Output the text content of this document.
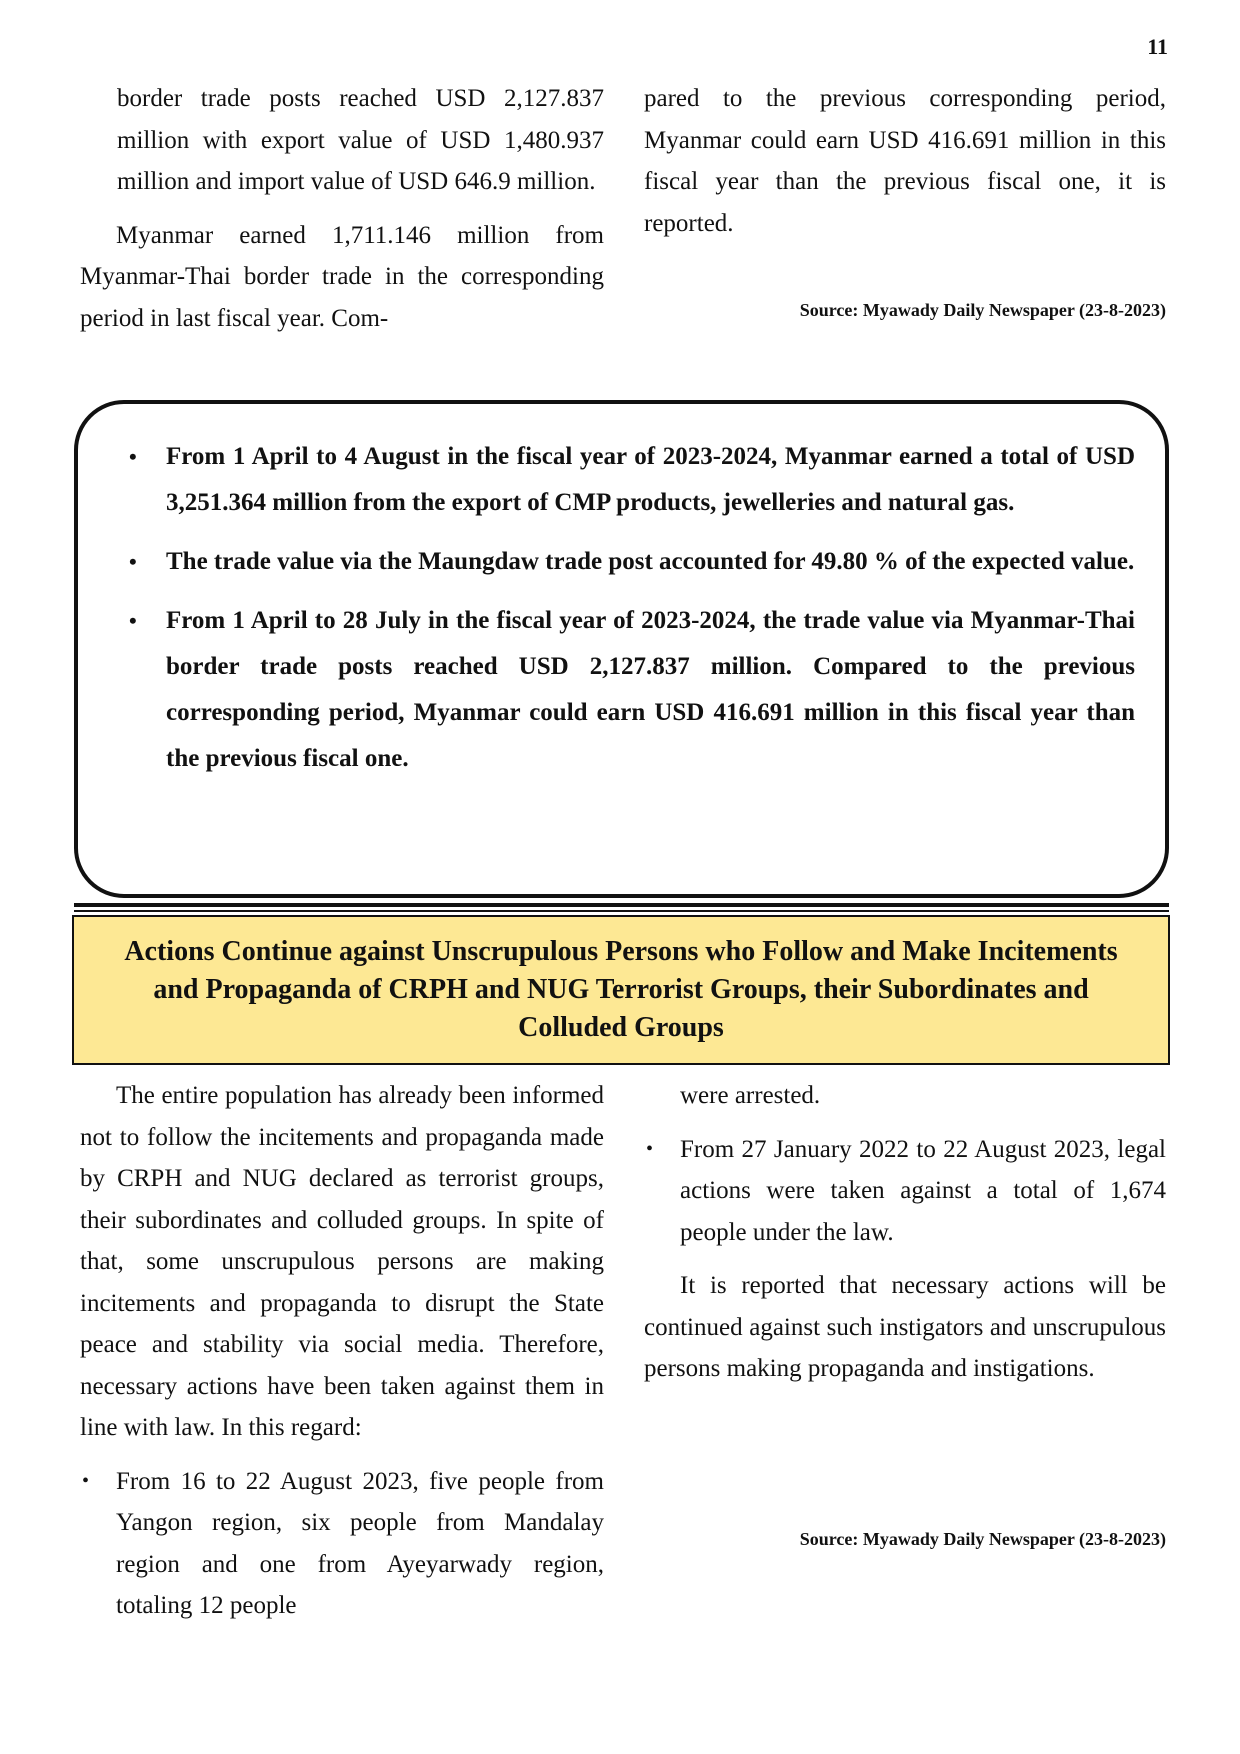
11

border trade posts reached USD 2,127.837 million with export value of USD 1,480.937 million and import value of USD 646.9 million.

Myanmar earned 1,711.146 million from Myanmar-Thai border trade in the corresponding period in last fiscal year. Com-

pared to the previous corresponding period, Myanmar could earn USD 416.691 million in this fiscal year than the previous fiscal one, it is reported.

Source: Myawady Daily Newspaper (23-8-2023)
• From 1 April to 4 August in the fiscal year of 2023-2024, Myanmar earned a total of USD 3,251.364 million from the export of CMP products, jewelleries and natural gas.
• The trade value via the Maungdaw trade post accounted for 49.80 % of the expected value.
• From 1 April to 28 July in the fiscal year of 2023-2024, the trade value via Myanmar-Thai border trade posts reached USD 2,127.837 million. Compared to the previous corresponding period, Myanmar could earn USD 416.691 million in this fiscal year than the previous fiscal one.
Actions Continue against Unscrupulous Persons who Follow and Make Incitements and Propaganda of CRPH and NUG Terrorist Groups, their Subordinates and Colluded Groups

The entire population has already been informed not to follow the incitements and propaganda made by CRPH and NUG declared as terrorist groups, their subordinates and colluded groups. In spite of that, some unscrupulous persons are making incitements and propaganda to disrupt the State peace and stability via social media. Therefore, necessary actions have been taken against them in line with law. In this regard:

• From 16 to 22 August 2023, five people from Yangon region, six people from Mandalay region and one from Ayeyarwady region, totaling 12 people

were arrested.

• From 27 January 2022 to 22 August 2023, legal actions were taken against a total of 1,674 people under the law.

It is reported that necessary actions will be continued against such instigators and unscrupulous persons making propaganda and instigations.

Source: Myawady Daily Newspaper (23-8-2023)
